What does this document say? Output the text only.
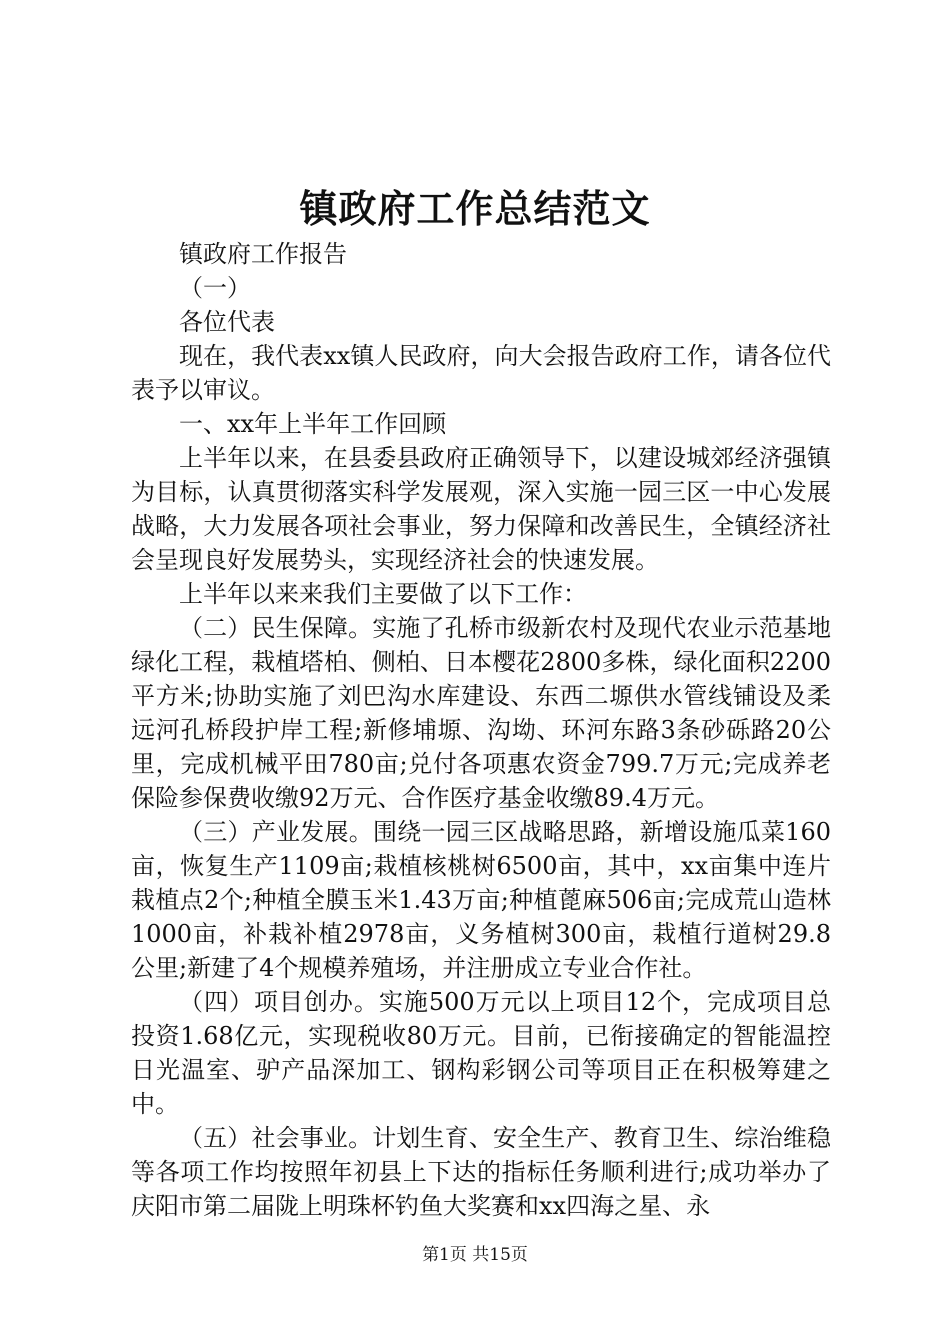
镇政府工作总结范文

镇政府工作报告

（一）

各位代表

现在，我代表xx镇人民政府，向大会报告政府工作，请各位代表予以审议。

一、xx年上半年工作回顾

上半年以来，在县委县政府正确领导下，以建设城郊经济强镇为目标，认真贯彻落实科学发展观，深入实施一园三区一中心发展战略，大力发展各项社会事业，努力保障和改善民生，全镇经济社会呈现良好发展势头，实现经济社会的快速发展。

上半年以来来我们主要做了以下工作：

（二）民生保障。实施了孔桥市级新农村及现代农业示范基地绿化工程，栽植塔柏、侧柏、日本樱花2800多株，绿化面积2200平方米;协助实施了刘巴沟水库建设、东西二塬供水管线铺设及柔远河孔桥段护岸工程;新修埔塬、沟坳、环河东路3条砂砾路20公里，完成机械平田780亩;兑付各项惠农资金799.7万元;完成养老保险参保费收缴92万元、合作医疗基金收缴89.4万元。

（三）产业发展。围绕一园三区战略思路，新增设施瓜菜160亩，恢复生产1109亩;栽植核桃树6500亩，其中，xx亩集中连片栽植点2个;种植全膜玉米1.43万亩;种植蓖麻506亩;完成荒山造林1000亩，补栽补植2978亩，义务植树300亩，栽植行道树29.8公里;新建了4个规模养殖场，并注册成立专业合作社。

（四）项目创办。实施500万元以上项目12个，完成项目总投资1.68亿元，实现税收80万元。目前，已衔接确定的智能温控日光温室、驴产品深加工、钢构彩钢公司等项目正在积极筹建之中。

（五）社会事业。计划生育、安全生产、教育卫生、综治维稳等各项工作均按照年初县上下达的指标任务顺利进行;成功举办了庆阳市第二届陇上明珠杯钓鱼大奖赛和xx四海之星、永

第1页 共15页
